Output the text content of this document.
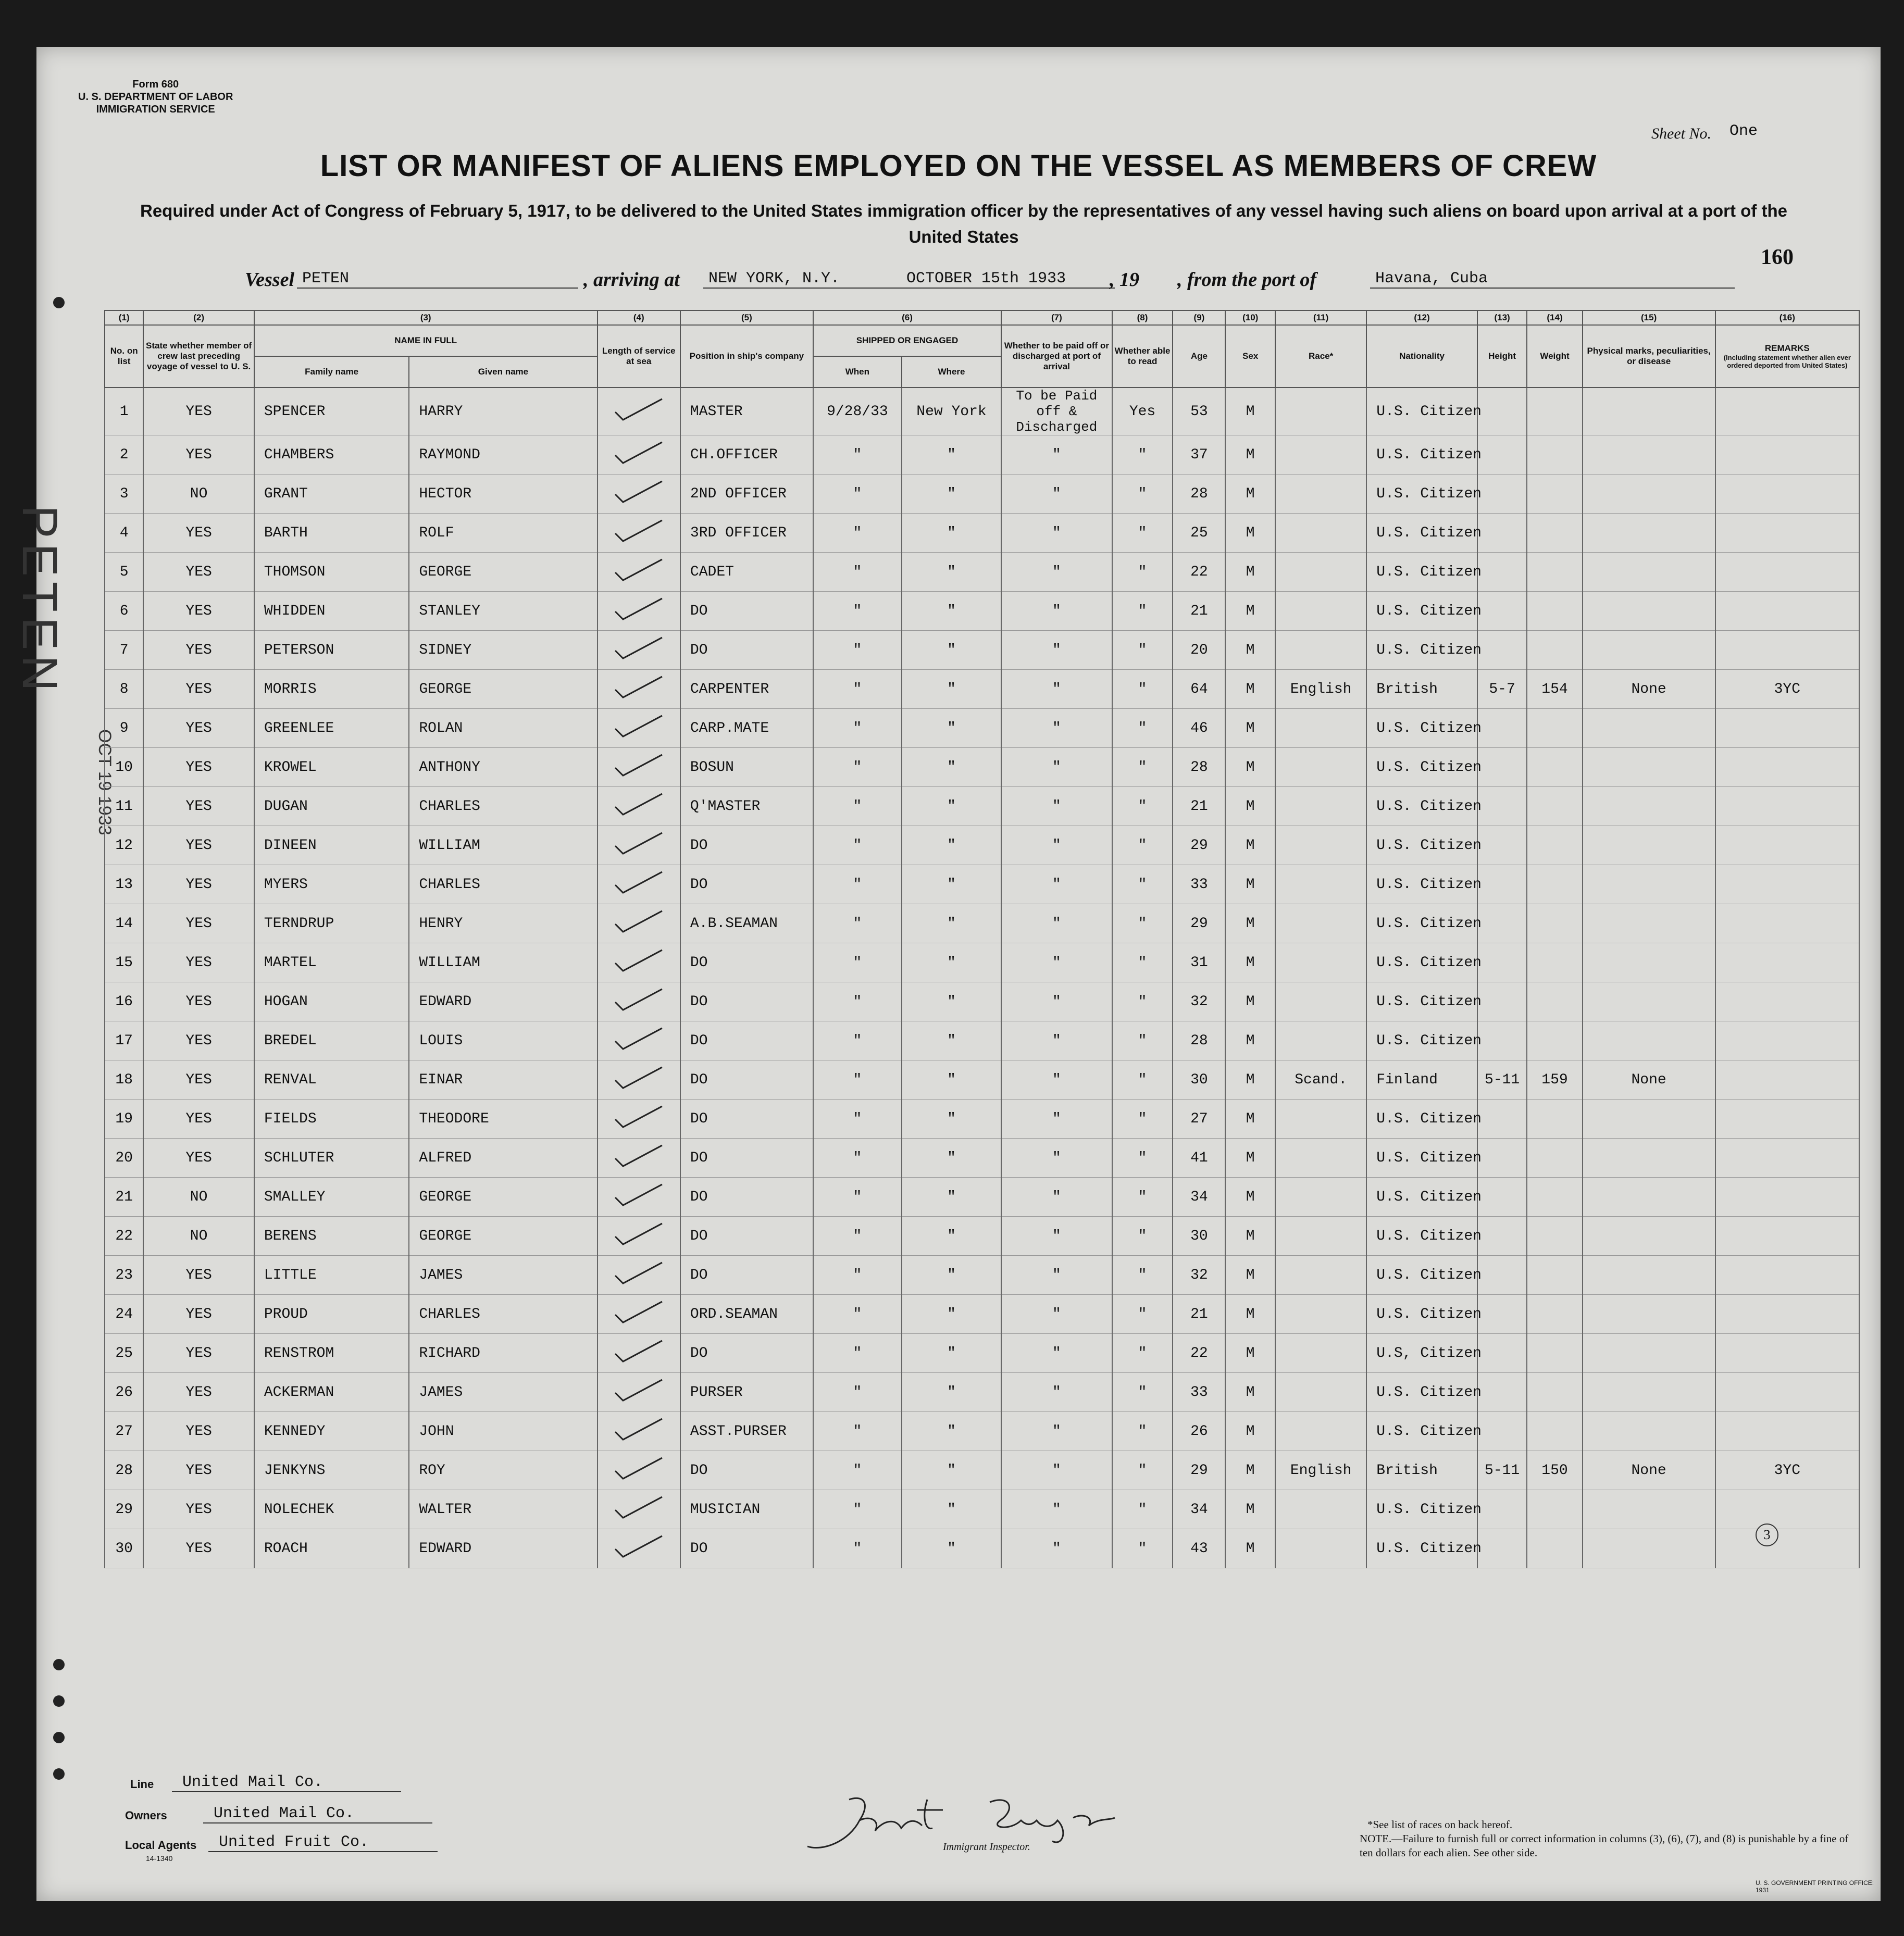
PETEN
OCT 19 1933
Form 680
U. S. DEPARTMENT OF LABOR
IMMIGRATION SERVICE
Sheet No. One
LIST OR MANIFEST OF ALIENS EMPLOYED ON THE VESSEL AS MEMBERS OF CREW
Required under Act of Congress of February 5, 1917, to be delivered to the United States immigration officer by the representatives of any vessel having such aliens on board upon arrival at a port of the United States
160
Vessel PETEN	, arriving at	NEW YORK, N.Y.	OCTOBER 15th 1933	, 19 , from the port of	Havana, Cuba
(1)	(2)	(3)		(4)	(5)	(6)		(7)	(8)	(9)	(10)	(11)	(12)	(13)	(14)	(15)	(16)
No. on list	State whether member of crew last preceding voyage of vessel to U. S.	NAME IN FULL		Length of service at sea	Position in ship's company	SHIPPED OR ENGAGED		Whether to be paid off or discharged at port of arrival	Whether able to read	Age	Sex	Race*	Nationality	Height	Weight	Physical marks, peculiarities, or disease	REMARKS
(Including statement whether alien ever ordered deported from United States)

		Family name	Given name			When	Where										
1	YES	SPENCER	HARRY		MASTER	9/28/33	New York	To be Paid off & Discharged	Yes	53	M		U.S. Citizen				
2	YES	CHAMBERS	RAYMOND		CH.OFFICER	"	"	"	"	37	M		U.S. Citizen				
3	NO	GRANT	HECTOR		2ND OFFICER	"	"	"	"	28	M		U.S. Citizen				
4	YES	BARTH	ROLF		3RD OFFICER	"	"	"	"	25	M		U.S. Citizen				
5	YES	THOMSON	GEORGE		CADET	"	"	"	"	22	M		U.S. Citizen				
6	YES	WHIDDEN	STANLEY		DO	"	"	"	"	21	M		U.S. Citizen				
7	YES	PETERSON	SIDNEY		DO	"	"	"	"	20	M		U.S. Citizen				
8	YES	MORRIS	GEORGE		CARPENTER	"	"	"	"	64	M	English	British	5-7	154	None	3YC
9	YES	GREENLEE	ROLAN		CARP.MATE	"	"	"	"	46	M		U.S. Citizen				
10	YES	KROWEL	ANTHONY		BOSUN	"	"	"	"	28	M		U.S. Citizen				
11	YES	DUGAN	CHARLES		Q'MASTER	"	"	"	"	21	M		U.S. Citizen				
12	YES	DINEEN	WILLIAM		DO	"	"	"	"	29	M		U.S. Citizen				
13	YES	MYERS	CHARLES		DO	"	"	"	"	33	M		U.S. Citizen				
14	YES	TERNDRUP	HENRY		A.B.SEAMAN	"	"	"	"	29	M		U.S. Citizen				
15	YES	MARTEL	WILLIAM		DO	"	"	"	"	31	M		U.S. Citizen				
16	YES	HOGAN	EDWARD		DO	"	"	"	"	32	M		U.S. Citizen				
17	YES	BREDEL	LOUIS		DO	"	"	"	"	28	M		U.S. Citizen				
18	YES	RENVAL	EINAR		DO	"	"	"	"	30	M	Scand.	Finland	5-11	159	None	
19	YES	FIELDS	THEODORE		DO	"	"	"	"	27	M		U.S. Citizen				
20	YES	SCHLUTER	ALFRED		DO	"	"	"	"	41	M		U.S. Citizen				
21	NO	SMALLEY	GEORGE		DO	"	"	"	"	34	M		U.S. Citizen				
22	NO	BERENS	GEORGE		DO	"	"	"	"	30	M		U.S. Citizen				
23	YES	LITTLE	JAMES		DO	"	"	"	"	32	M		U.S. Citizen				
24	YES	PROUD	CHARLES		ORD.SEAMAN	"	"	"	"	21	M		U.S. Citizen				
25	YES	RENSTROM	RICHARD		DO	"	"	"	"	22	M		U.S, Citizen				
26	YES	ACKERMAN	JAMES		PURSER	"	"	"	"	33	M		U.S. Citizen				
27	YES	KENNEDY	JOHN		ASST.PURSER	"	"	"	"	26	M		U.S. Citizen				
28	YES	JENKYNS	ROY		DO	"	"	"	"	29	M	English	British	5-11	150	None	3YC
29	YES	NOLECHEK	WALTER		MUSICIAN	"	"	"	"	34	M		U.S. Citizen				
30	YES	ROACH	EDWARD		DO	"	"	"	"	43	M		U.S. Citizen				
Line	United Mail Co.
Owners	United Mail Co.
Local Agents	United Fruit Co.
14-1340
Immigrant Inspector.
*See list of races on back hereof.
NOTE.—Failure to furnish full or correct information in columns (3), (6), (7), and (8) is punishable by a fine of ten dollars for each alien. See other side.
U. S. GOVERNMENT PRINTING OFFICE: 1931
3
